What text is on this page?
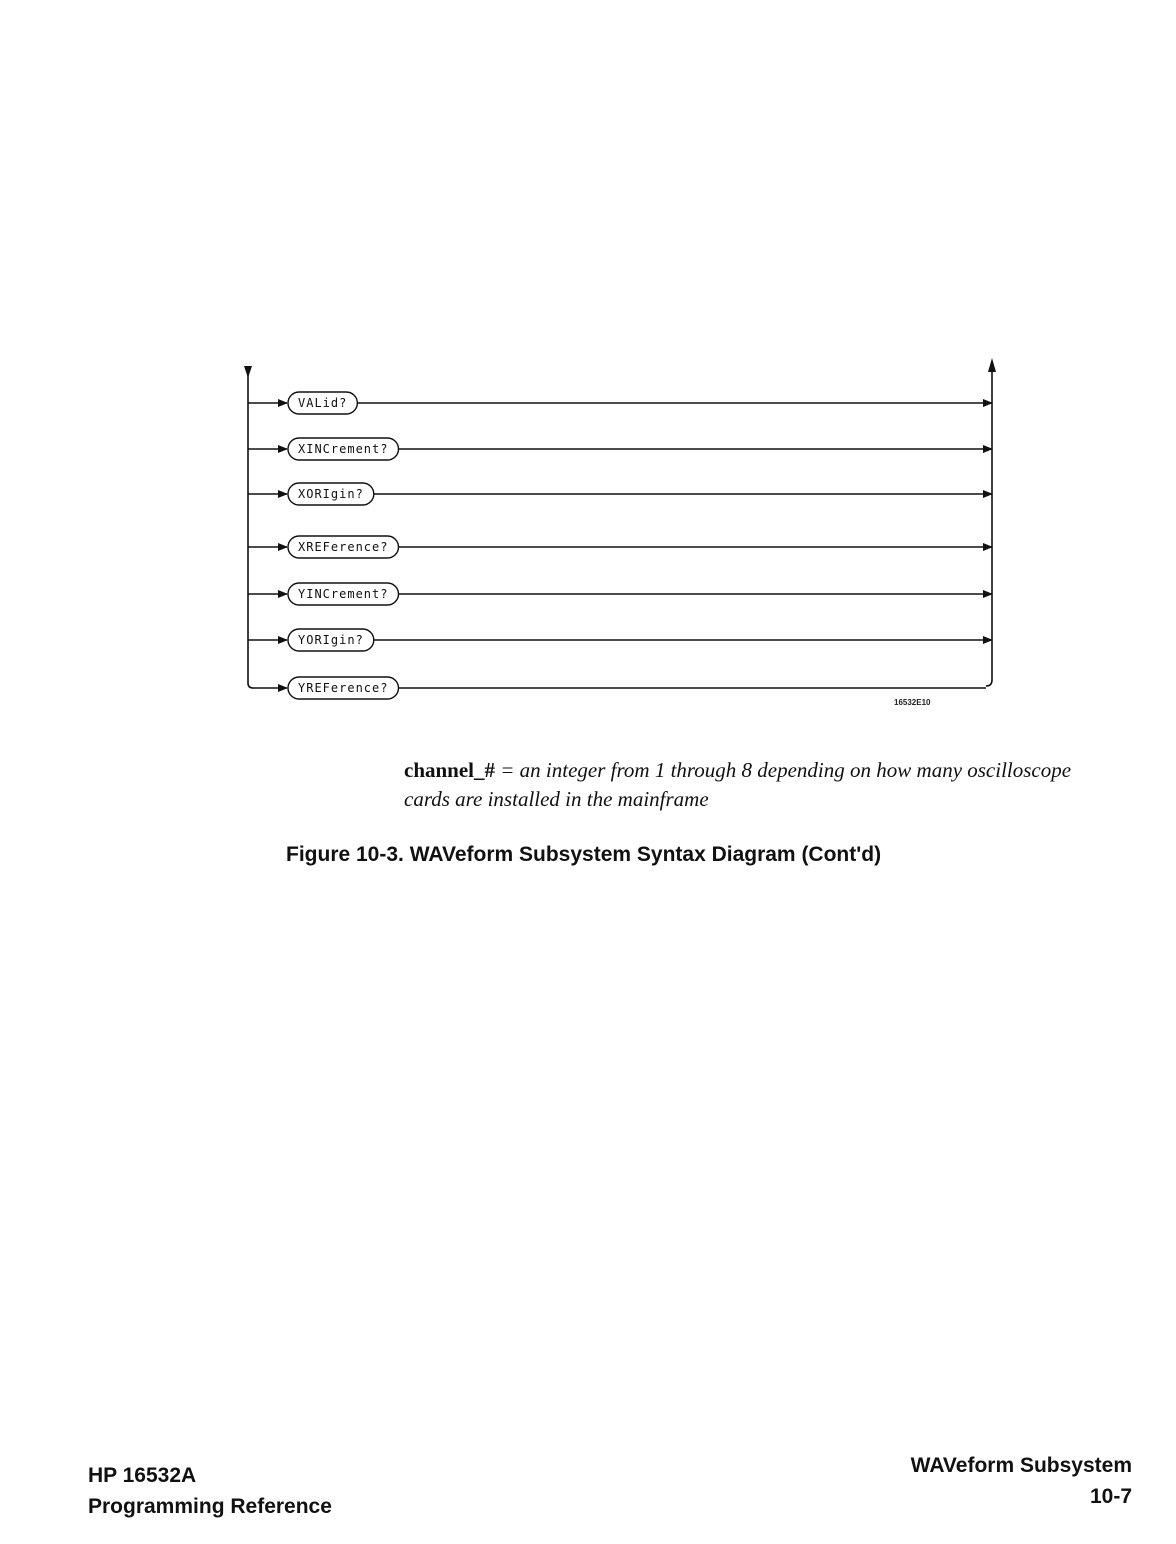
VALid?
XINCrement?
XORIgin?
XREFerence?
YINCrement?
YORIgin?
YREFerence?
16532E10
channel_# = an integer from 1 through 8 depending on how many oscilloscope cards are installed in the mainframe
Figure 10-3. WAVeform Subsystem Syntax Diagram (Cont'd)
HP 16532A
Programming Reference
WAVeform Subsystem
10-7
